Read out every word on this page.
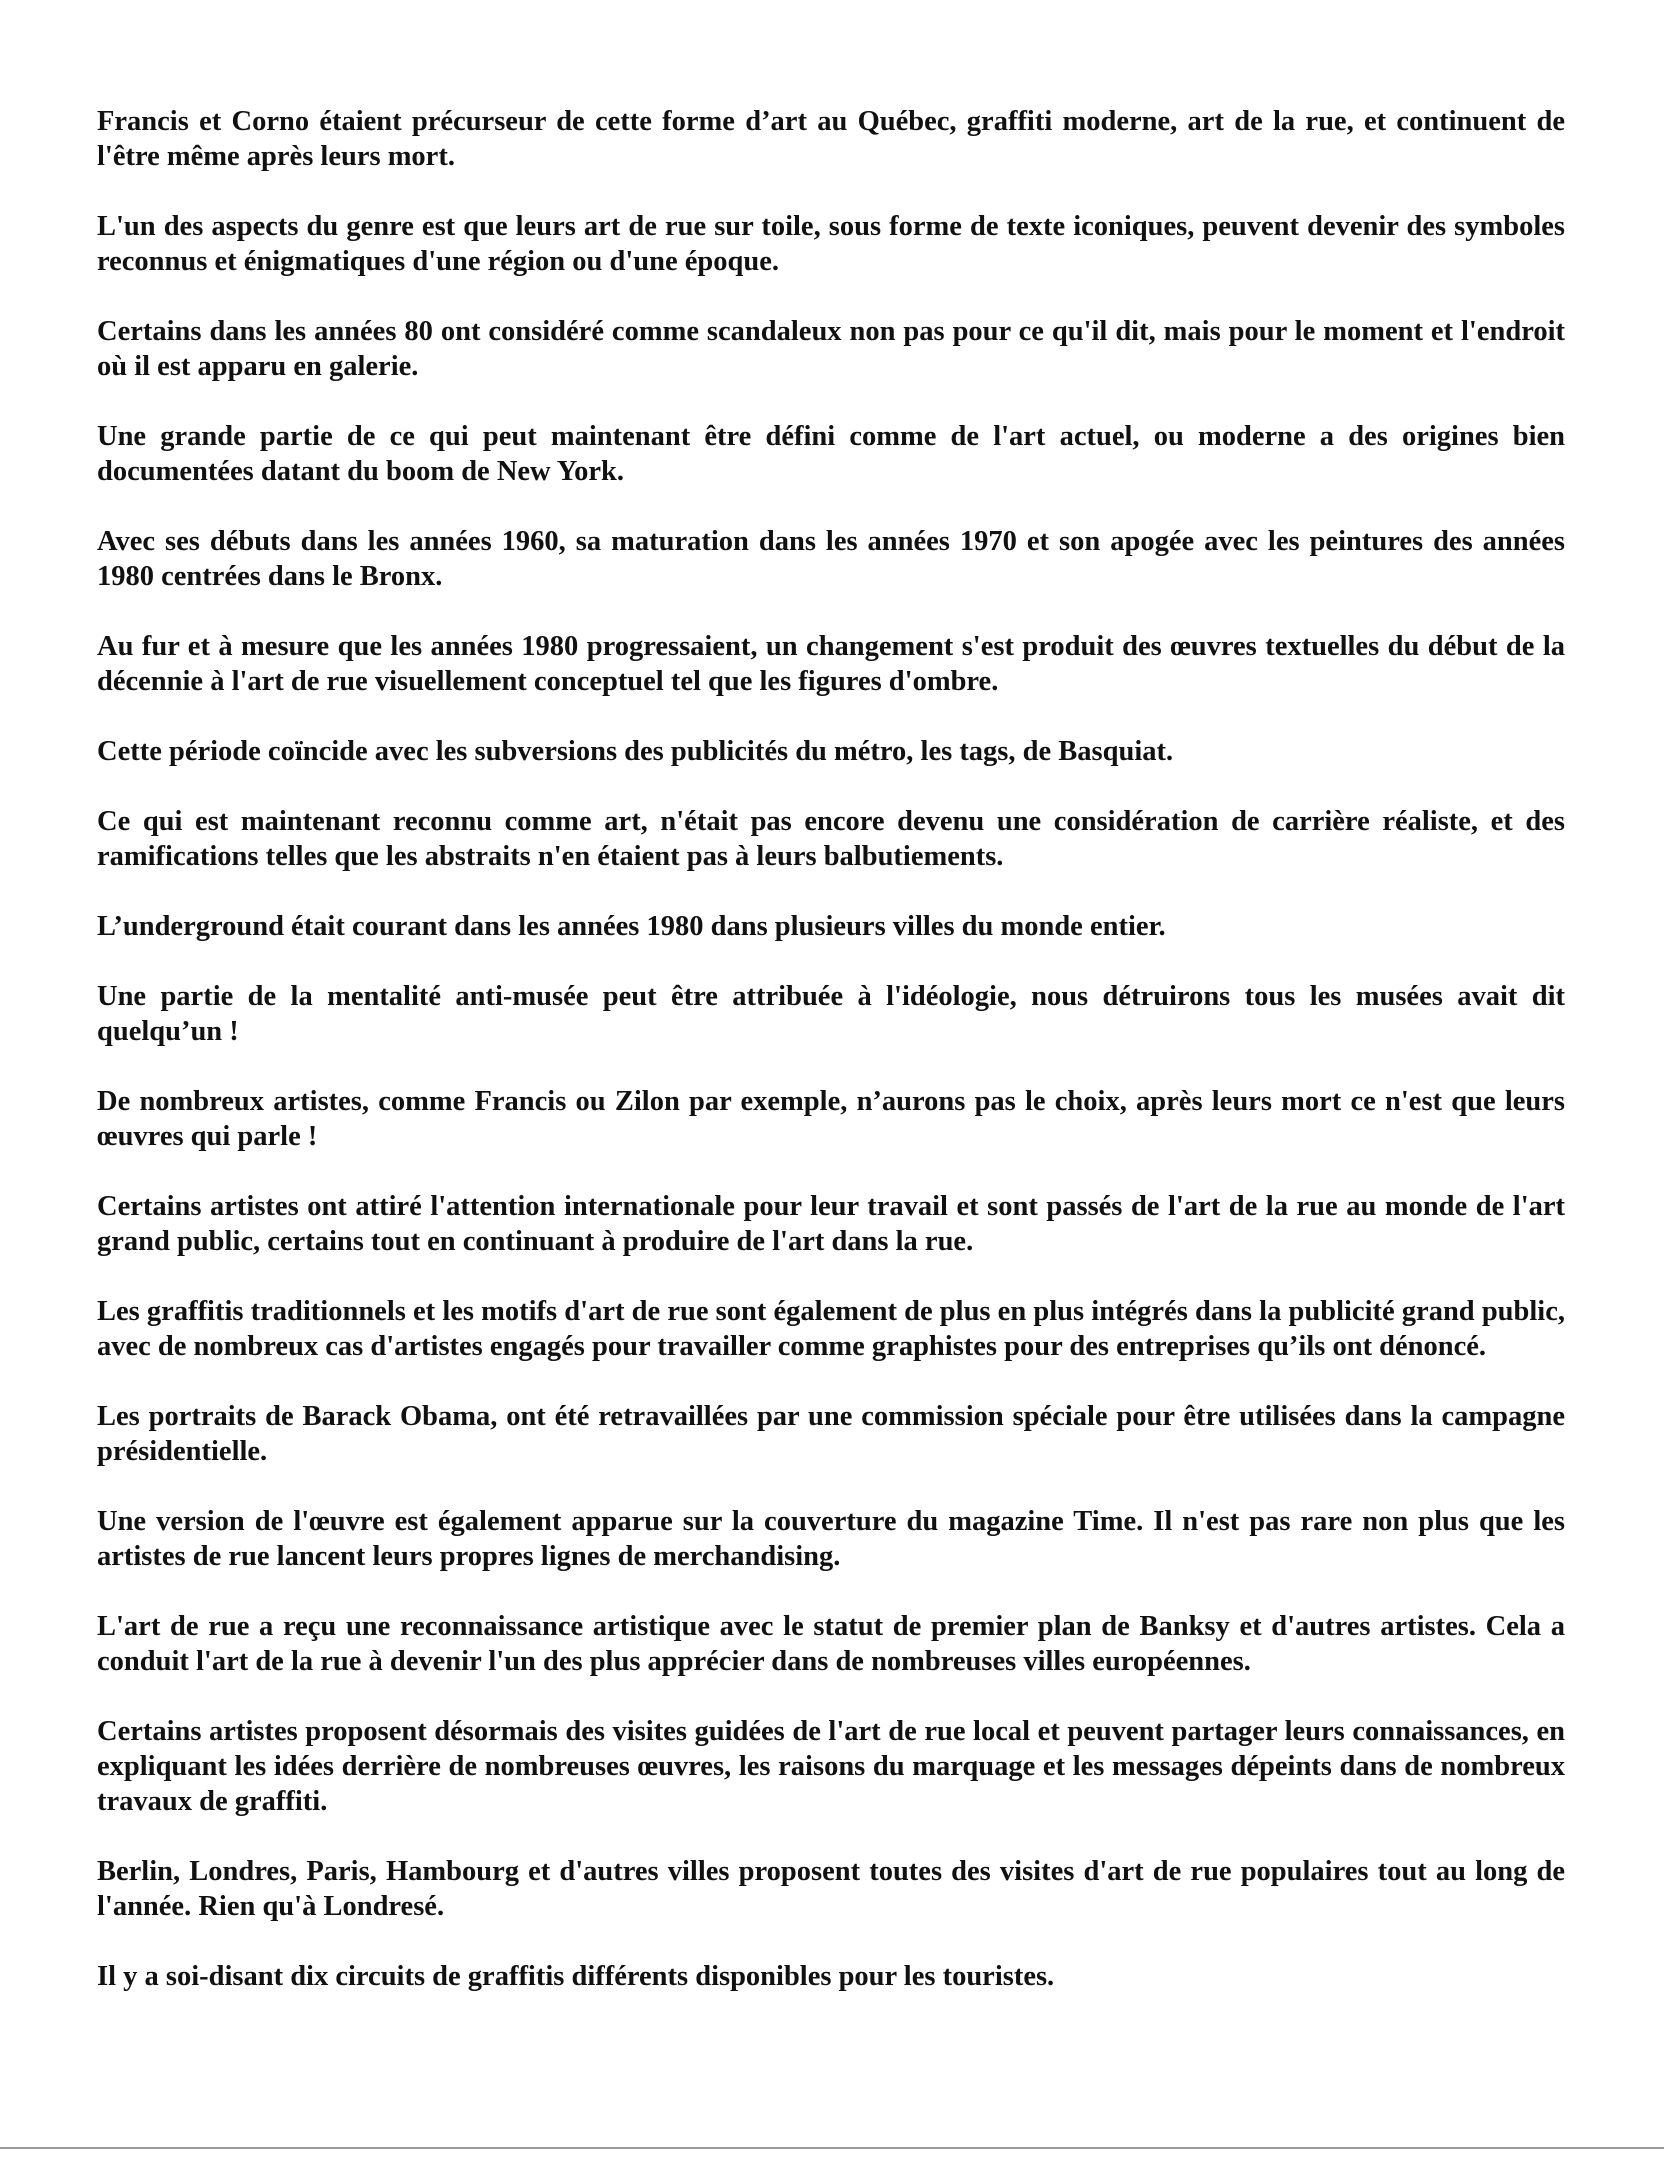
Francis et Corno étaient précurseur de cette forme d’art au Québec, graffiti moderne, art de la rue, et continuent de l'être même après leurs mort.

L'un des aspects du genre est que leurs art de rue sur toile, sous forme de texte iconiques, peuvent devenir des symboles reconnus et énigmatiques d'une région ou d'une époque.

Certains dans les années 80 ont considéré comme scandaleux non pas pour ce qu'il dit, mais pour le moment et l'endroit où il est apparu en galerie.

Une grande partie de ce qui peut maintenant être défini comme de l'art actuel, ou moderne a des origines bien documentées datant du boom de New York.

Avec ses débuts dans les années 1960, sa maturation dans les années 1970 et son apogée avec les peintures des années 1980 centrées dans le Bronx.

Au fur et à mesure que les années 1980 progressaient, un changement s'est produit des œuvres textuelles du début de la décennie à l'art de rue visuellement conceptuel tel que les figures d'ombre.

Cette période coïncide avec les subversions des publicités du métro, les tags, de Basquiat.

Ce qui est maintenant reconnu comme art, n'était pas encore devenu une considération de carrière réaliste, et des ramifications telles que les abstraits n'en étaient pas à leurs balbutiements.

L’underground était courant dans les années 1980 dans plusieurs villes du monde entier.

Une partie de la mentalité anti-musée peut être attribuée à l'idéologie, nous détruirons tous les musées avait dit quelqu’un !

De nombreux artistes, comme Francis ou Zilon par exemple, n’aurons pas le choix, après leurs mort ce n'est que leurs œuvres qui parle !

Certains artistes ont attiré l'attention internationale pour leur travail et sont passés de l'art de la rue au monde de l'art grand public, certains tout en continuant à produire de l'art dans la rue.

Les graffitis traditionnels et les motifs d'art de rue sont également de plus en plus intégrés dans la publicité grand public, avec de nombreux cas d'artistes engagés pour travailler comme graphistes pour des entreprises qu’ils ont dénoncé.

Les portraits de Barack Obama, ont été retravaillées par une commission spéciale pour être utilisées dans la campagne présidentielle.

Une version de l'œuvre est également apparue sur la couverture du magazine Time. Il n'est pas rare non plus que les artistes de rue lancent leurs propres lignes de merchandising.

L'art de rue a reçu une reconnaissance artistique avec le statut de premier plan de Banksy et d'autres artistes. Cela a conduit l'art de la rue à devenir l'un des plus apprécier dans de nombreuses villes européennes.

Certains artistes proposent désormais des visites guidées de l'art de rue local et peuvent partager leurs connaissances, en expliquant les idées derrière de nombreuses œuvres, les raisons du marquage et les messages dépeints dans de nombreux travaux de graffiti.

Berlin, Londres, Paris, Hambourg et d'autres villes proposent toutes des visites d'art de rue populaires tout au long de l'année. Rien qu'à Londresé.

Il y a soi-disant dix circuits de graffitis différents disponibles pour les touristes.
